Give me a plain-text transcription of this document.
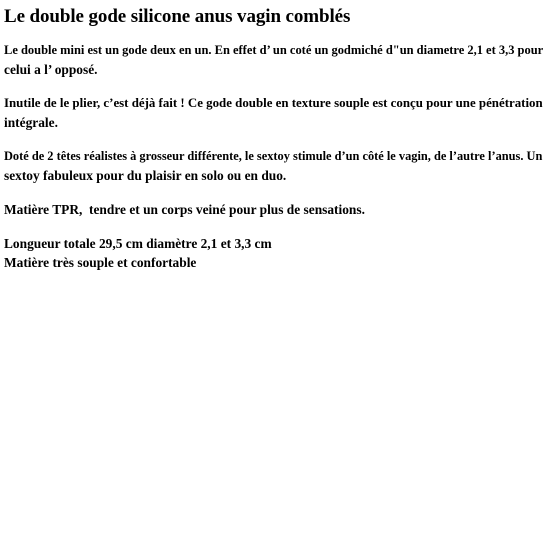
Le double gode silicone anus vagin comblés

Le double mini est un gode deux en un. En effet d’ un coté un godmiché d"un diametre 2,1 et 3,3 pour
celui a l’ opposé.

Inutile de le plier, c’est déjà fait ! Ce gode double en texture souple est conçu pour une pénétration
intégrale.

Doté de 2 têtes réalistes à grosseur différente, le sextoy stimule d’un côté le vagin, de l’autre l’anus. Un
sextoy fabuleux pour du plaisir en solo ou en duo.

Matière TPR,  tendre et un corps veiné pour plus de sensations.

Longueur totale 29,5 cm diamètre 2,1 et 3,3 cm
Matière très souple et confortable
